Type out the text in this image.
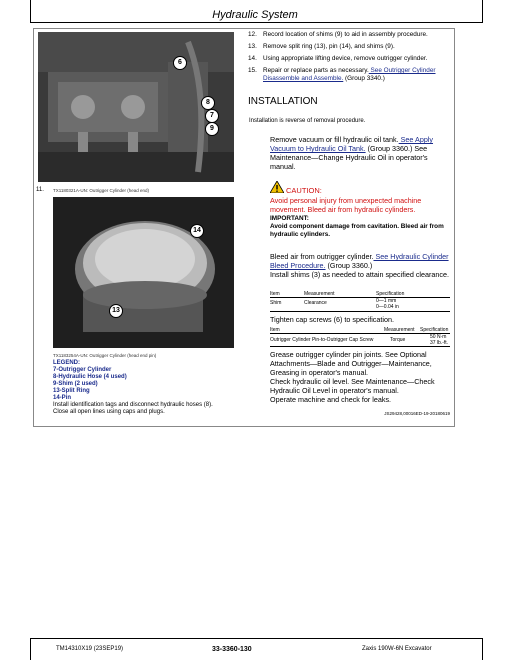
Hydraulic System
6
8
7
9
11. TX1180321A-UN: Outrigger Cylinder (head end)
14
13
TX1183254A-UN: Outrigger Cylinder (head end pin)
LEGEND:
7-Outrigger Cylinder
8-Hydraulic Hose (4 used)
9-Shim (2 used)
13-Split Ring
14-Pin
Install identification tags and disconnect hydraulic hoses (8).
Close all open lines using caps and plugs.
12. Record location of shims (9) to aid in assembly procedure.
13. Remove split ring (13), pin (14), and shims (9).
14. Using appropriate lifting device, remove outrigger cylinder.
15. Repair or replace parts as necessary. See Outrigger Cylinder Disassemble and Assemble. (Group 3340.)
INSTALLATION
Installation is reverse of removal procedure.
Remove vacuum or fill hydraulic oil tank. See Apply Vacuum to Hydraulic Oil Tank. (Group 3360.) See Maintenance—Change Hydraulic Oil in operator's manual.
CAUTION:
Avoid personal injury from unexpected machine movement. Bleed air from hydraulic cylinders.
IMPORTANT:
Avoid component damage from cavitation. Bleed air from hydraulic cylinders.
Bleed air from outrigger cylinder. See Hydraulic Cylinder Bleed Procedure. (Group 3360.)
Install shims (3) as needed to attain specified clearance.
Item	Measurement	Specification
Shim	Clearance	0—1 mm
0—0.04 in
Tighten cap screws (6) to specification.
Item	Measurement Specification
Outrigger Cylinder Pin-to-Outrigger Cap Screw	Torque	50 N·m
37 lb.-ft.
Grease outrigger cylinder pin joints. See Optional Attachments—Blade and Outrigger—Maintenance, Greasing in operator's manual.
Check hydraulic oil level. See Maintenance—Check Hydraulic Oil Level in operator's manual.
Operate machine and check for leaks.
JS29428,00016ED-19-20180619
TM14310X19 (23SEP19)	33-3360-130	Zaxis 190W-6N Excavator
